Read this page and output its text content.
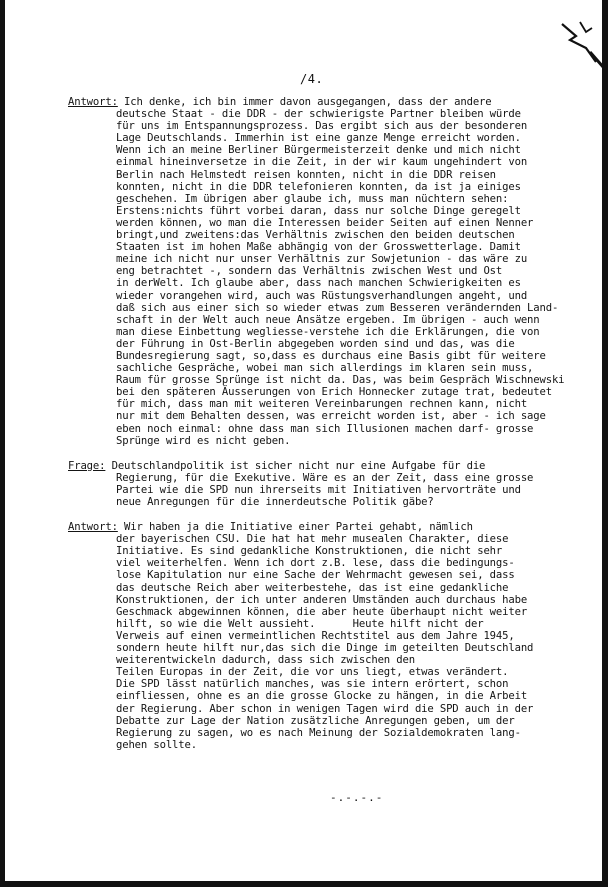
/4.
Antwort: Ich denke, ich bin immer davon ausgegangen, dass der andere
deutsche Staat - die DDR - der schwierigste Partner bleiben würde
für uns im Entspannungsprozess. Das ergibt sich aus der besonderen
Lage Deutschlands. Immerhin ist eine ganze Menge erreicht worden.
Wenn ich an meine Berliner Bürgermeisterzeit denke und mich nicht
einmal hineinversetze in die Zeit, in der wir kaum ungehindert von
Berlin nach Helmstedt reisen konnten, nicht in die DDR reisen
konnten, nicht in die DDR telefonieren konnten, da ist ja einiges
geschehen. Im übrigen aber glaube ich, muss man nüchtern sehen:
Erstens:nichts führt vorbei daran, dass nur solche Dinge geregelt
werden können, wo man die Interessen beider Seiten auf einen Nenner
bringt,und zweitens:das Verhältnis zwischen den beiden deutschen
Staaten ist im hohen Maße abhängig von der Grosswetterlage. Damit
meine ich nicht nur unser Verhältnis zur Sowjetunion - das wäre zu
eng betrachtet -, sondern das Verhältnis zwischen West und Ost
in derWelt. Ich glaube aber, dass nach manchen Schwierigkeiten es
wieder vorangehen wird, auch was Rüstungsverhandlungen angeht, und
daß sich aus einer sich so wieder etwas zum Besseren verändernden Land-
schaft in der Welt auch neue Ansätze ergeben. Im übrigen - auch wenn
man diese Einbettung wegliesse-verstehe ich die Erklärungen, die von
der Führung in Ost-Berlin abgegeben worden sind und das, was die
Bundesregierung sagt, so,dass es durchaus eine Basis gibt für weitere
sachliche Gespräche, wobei man sich allerdings im klaren sein muss,
Raum für grosse Sprünge ist nicht da. Das, was beim Gespräch Wischnewski
bei den späteren Äusserungen von Erich Honnecker zutage trat, bedeutet
für mich, dass man mit weiteren Vereinbarungen rechnen kann, nicht
nur mit dem Behalten dessen, was erreicht worden ist, aber - ich sage
eben noch einmal: ohne dass man sich Illusionen machen darf- grosse
Sprünge wird es nicht geben.
Frage: Deutschlandpolitik ist sicher nicht nur eine Aufgabe für die
Regierung, für die Exekutive. Wäre es an der Zeit, dass eine grosse
Partei wie die SPD nun ihrerseits mit Initiativen hervorträte und
neue Anregungen für die innerdeutsche Politik gäbe?
Antwort: Wir haben ja die Initiative einer Partei gehabt, nämlich
der bayerischen CSU. Die hat hat mehr musealen Charakter, diese
Initiative. Es sind gedankliche Konstruktionen, die nicht sehr
viel weiterhelfen. Wenn ich dort z.B. lese, dass die bedingungs-
lose Kapitulation nur eine Sache der Wehrmacht gewesen sei, dass
das deutsche Reich aber weiterbestehe, das ist eine gedankliche
Konstruktionen, der ich unter anderen Umständen auch durchaus habe
Geschmack abgewinnen können, die aber heute überhaupt nicht weiter
hilft, so wie die Welt aussieht.      Heute hilft nicht der
Verweis auf einen vermeintlichen Rechtstitel aus dem Jahre 1945,
sondern heute hilft nur,das sich die Dinge im geteilten Deutschland
weiterentwickeln dadurch, dass sich zwischen den
Teilen Europas in der Zeit, die vor uns liegt, etwas verändert.
Die SPD lässt natürlich manches, was sie intern erörtert, schon
einfliessen, ohne es an die grosse Glocke zu hängen, in die Arbeit
der Regierung. Aber schon in wenigen Tagen wird die SPD auch in der
Debatte zur Lage der Nation zusätzliche Anregungen geben, um der
Regierung zu sagen, wo es nach Meinung der Sozialdemokraten lang-
gehen sollte.
-.-.-.-
